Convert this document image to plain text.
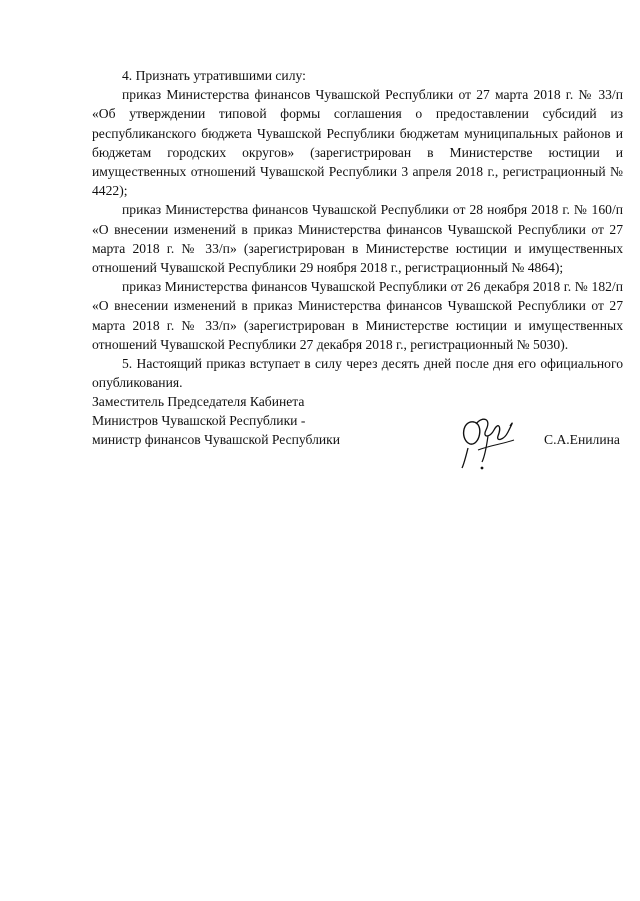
4. Признать утратившими силу:

приказ Министерства финансов Чувашской Республики от 27 марта 2018 г. № 33/п «Об утверждении типовой формы соглашения о предоставлении субсидий из республиканского бюджета Чувашской Республики бюджетам муниципальных районов и бюджетам городских округов» (зарегистрирован в Министерстве юстиции и имущественных отношений Чувашской Республики 3 апреля 2018 г., регистрационный № 4422);

приказ Министерства финансов Чувашской Республики от 28 ноября 2018 г. № 160/п «О внесении изменений в приказ Министерства финансов Чувашской Республики от 27 марта 2018 г. № 33/п» (зарегистрирован в Министерстве юстиции и имущественных отношений Чувашской Республики 29 ноября 2018 г., регистрационный № 4864);

приказ Министерства финансов Чувашской Республики от 26 декабря 2018 г. № 182/п «О внесении изменений в приказ Министерства финансов Чувашской Республики от 27 марта 2018 г. № 33/п» (зарегистрирован в Министерстве юстиции и имущественных отношений Чувашской Республики 27 декабря 2018 г., регистрационный № 5030).

5. Настоящий приказ вступает в силу через десять дней после дня его официального опубликования.

Заместитель Председателя Кабинета
Министров Чувашской Республики -
министр финансов Чувашской Республики	С.А.Енилина
